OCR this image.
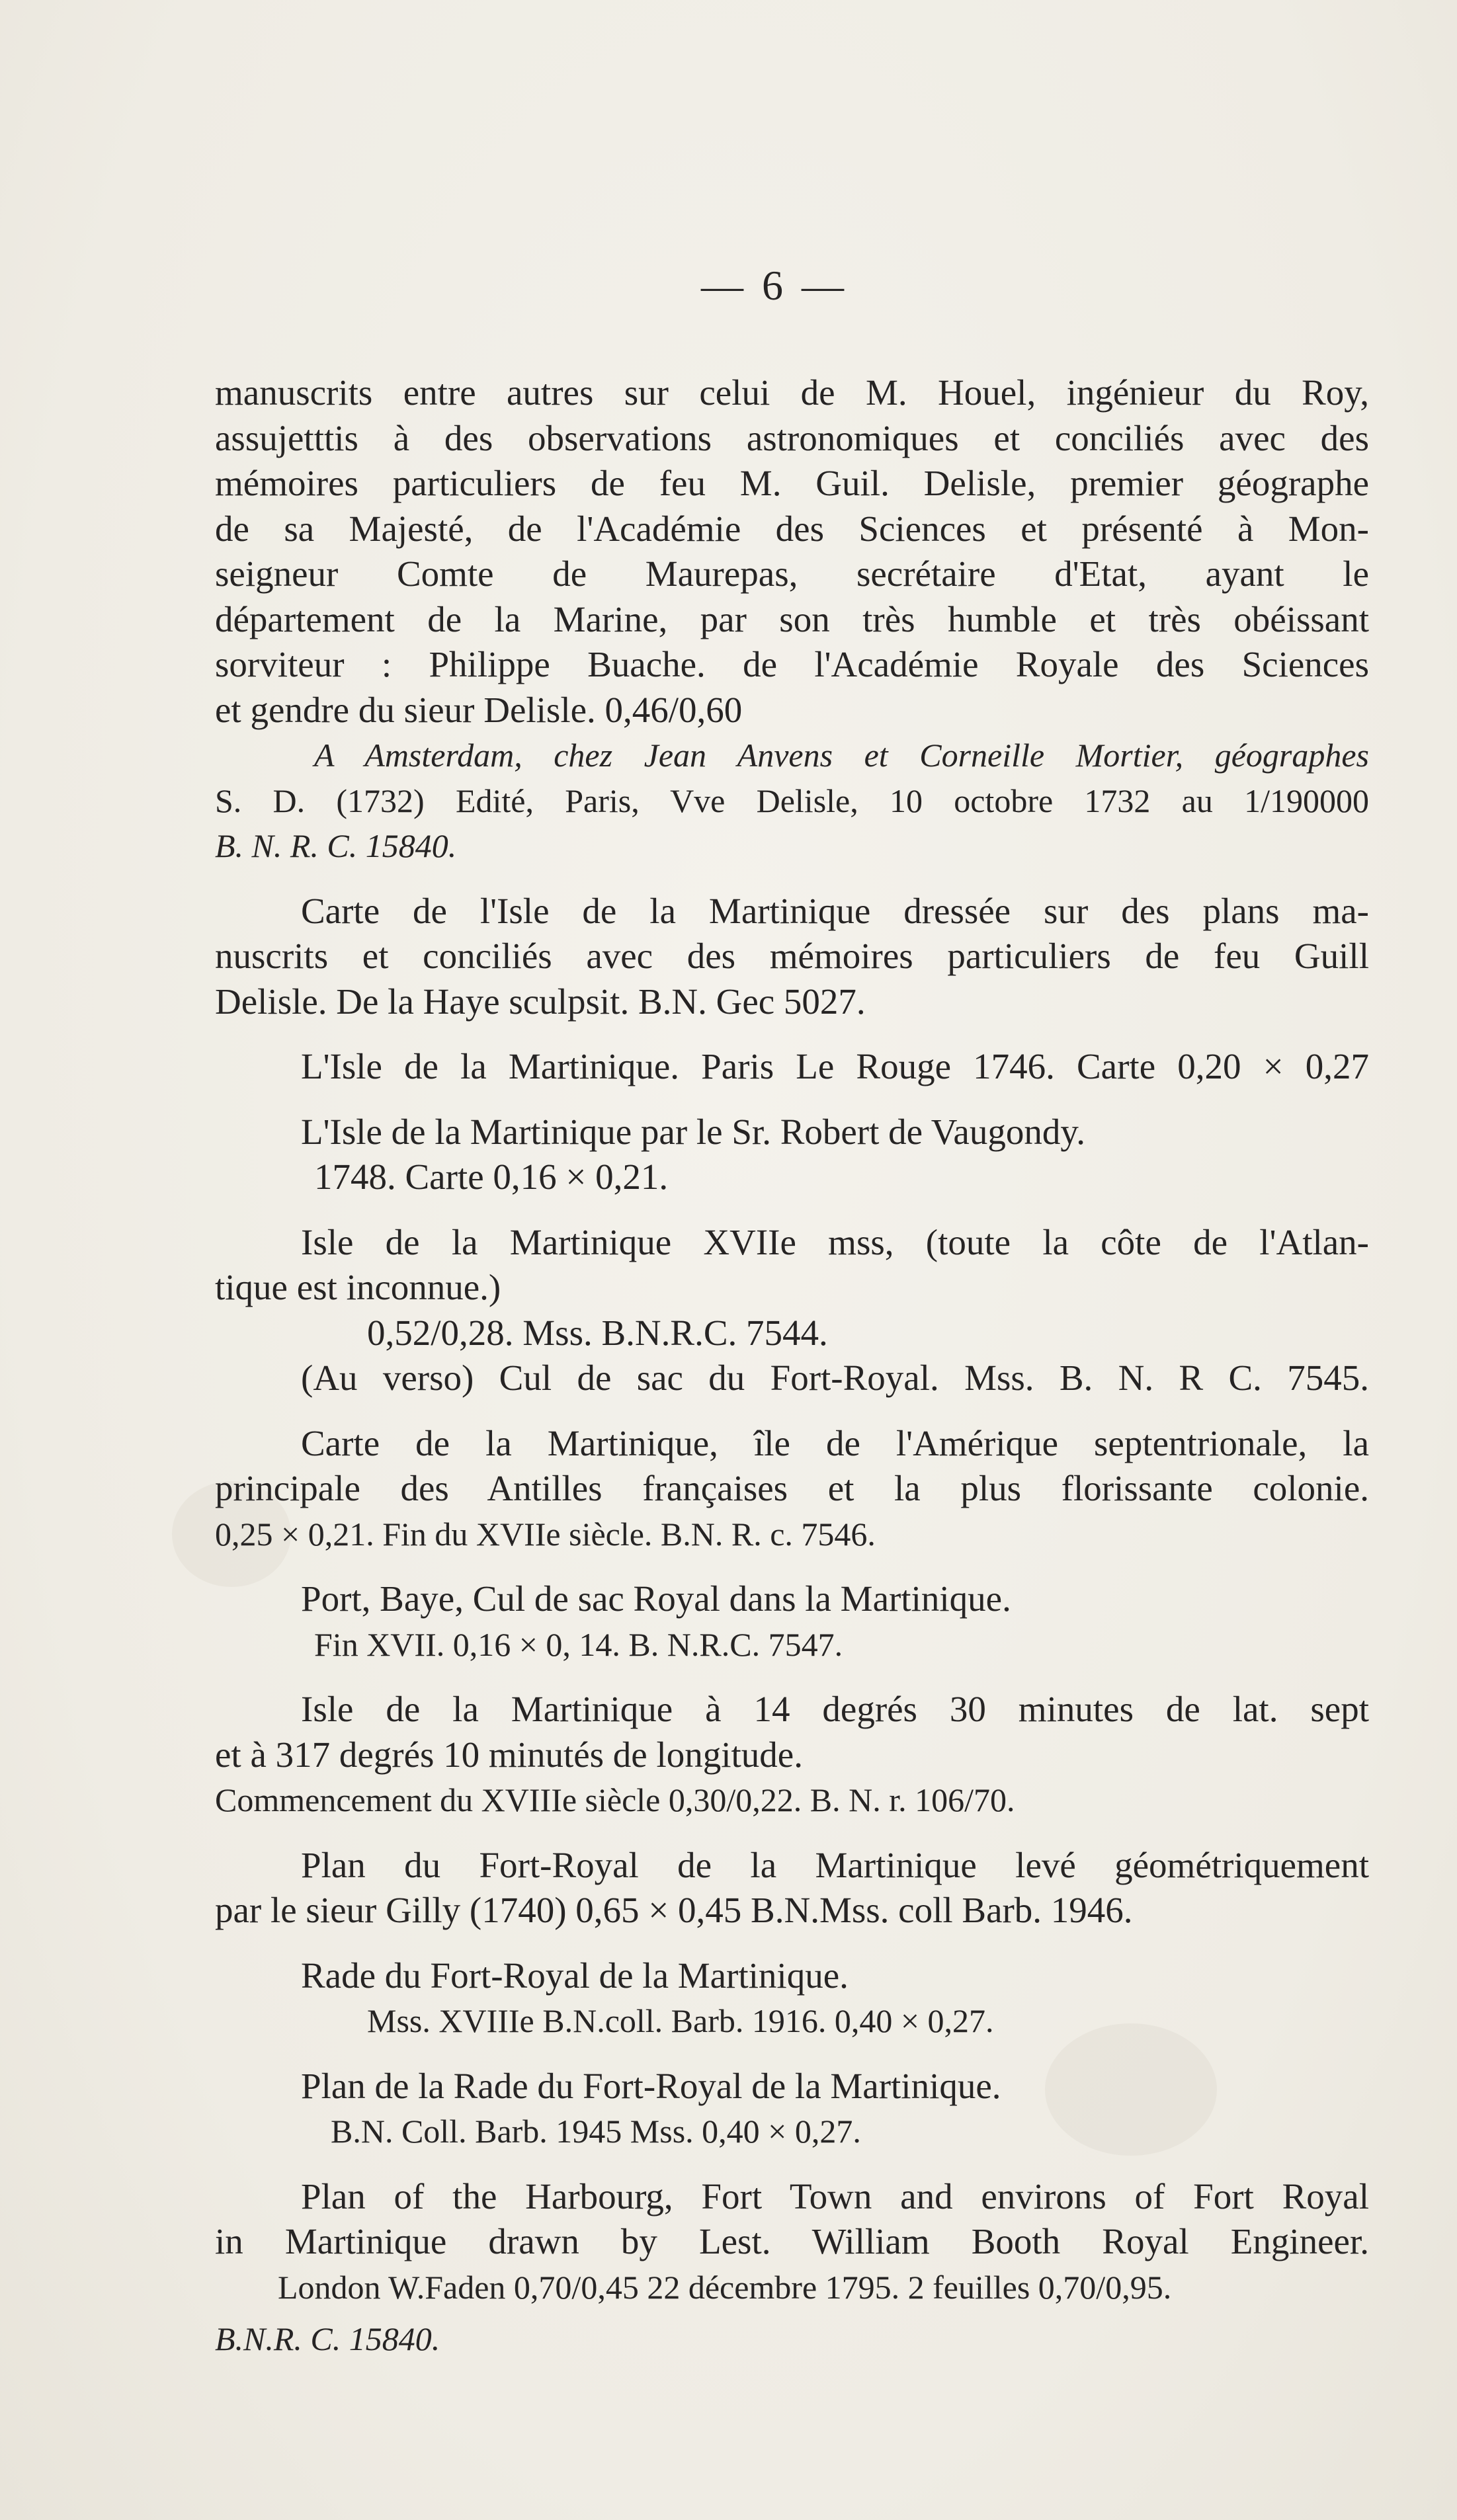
— 6 —
manuscrits entre autres sur celui de M. Houel, ingénieur du Roy,
assujetttis à des observations astronomiques et conciliés avec des
mémoires particuliers de feu M. Guil. Delisle, premier géographe
de sa Majesté, de l'Académie des Sciences et présenté à Mon-
seigneur Comte de Maurepas, secrétaire d'Etat, ayant le
département de la Marine, par son très humble et très obéissant
sorviteur : Philippe Buache. de l'Académie Royale des Sciences
et gendre du sieur Delisle. 0,46/0,60
A Amsterdam, chez Jean Anvens et Corneille Mortier, géographes
S. D. (1732) Edité, Paris, Vve Delisle, 10 octobre 1732 au 1/190000
B. N. R. C. 15840.
Carte de l'Isle de la Martinique dressée sur des plans ma-
nuscrits et conciliés avec des mémoires particuliers de feu Guill
Delisle. De la Haye sculpsit. B.N. Gec 5027.
L'Isle de la Martinique. Paris Le Rouge 1746. Carte 0,20 × 0,27
L'Isle de la Martinique par le Sr. Robert de Vaugondy.
1748. Carte 0,16 × 0,21.
Isle de la Martinique XVIIe mss, (toute la côte de l'Atlan-
tique est inconnue.)
0,52/0,28. Mss. B.N.R.C. 7544.
(Au verso) Cul de sac du Fort-Royal. Mss. B. N. R C. 7545.
Carte de la Martinique, île de l'Amérique septentrionale, la
principale des Antilles françaises et la plus florissante colonie.
0,25 × 0,21. Fin du XVIIe siècle. B.N. R. c. 7546.
Port, Baye, Cul de sac Royal dans la Martinique.
Fin XVII. 0,16 × 0, 14. B. N.R.C. 7547.
Isle de la Martinique à 14 degrés 30 minutes de lat. sept
et à 317 degrés 10 minutés de longitude.
Commencement du XVIIIe siècle 0,30/0,22. B. N. r. 106/70.
Plan du Fort-Royal de la Martinique levé géométriquement
par le sieur Gilly (1740) 0,65 × 0,45 B.N.Mss. coll Barb. 1946.
Rade du Fort-Royal de la Martinique.
Mss. XVIIIe B.N.coll. Barb. 1916. 0,40 × 0,27.
Plan de la Rade du Fort-Royal de la Martinique.
B.N. Coll. Barb. 1945 Mss. 0,40 × 0,27.
Plan of the Harbourg, Fort Town and environs of Fort Royal
in Martinique drawn by Lest. William Booth Royal Engineer.
London W.Faden 0,70/0,45 22 décembre 1795. 2 feuilles 0,70/0,95.
B.N.R. C. 15840.
